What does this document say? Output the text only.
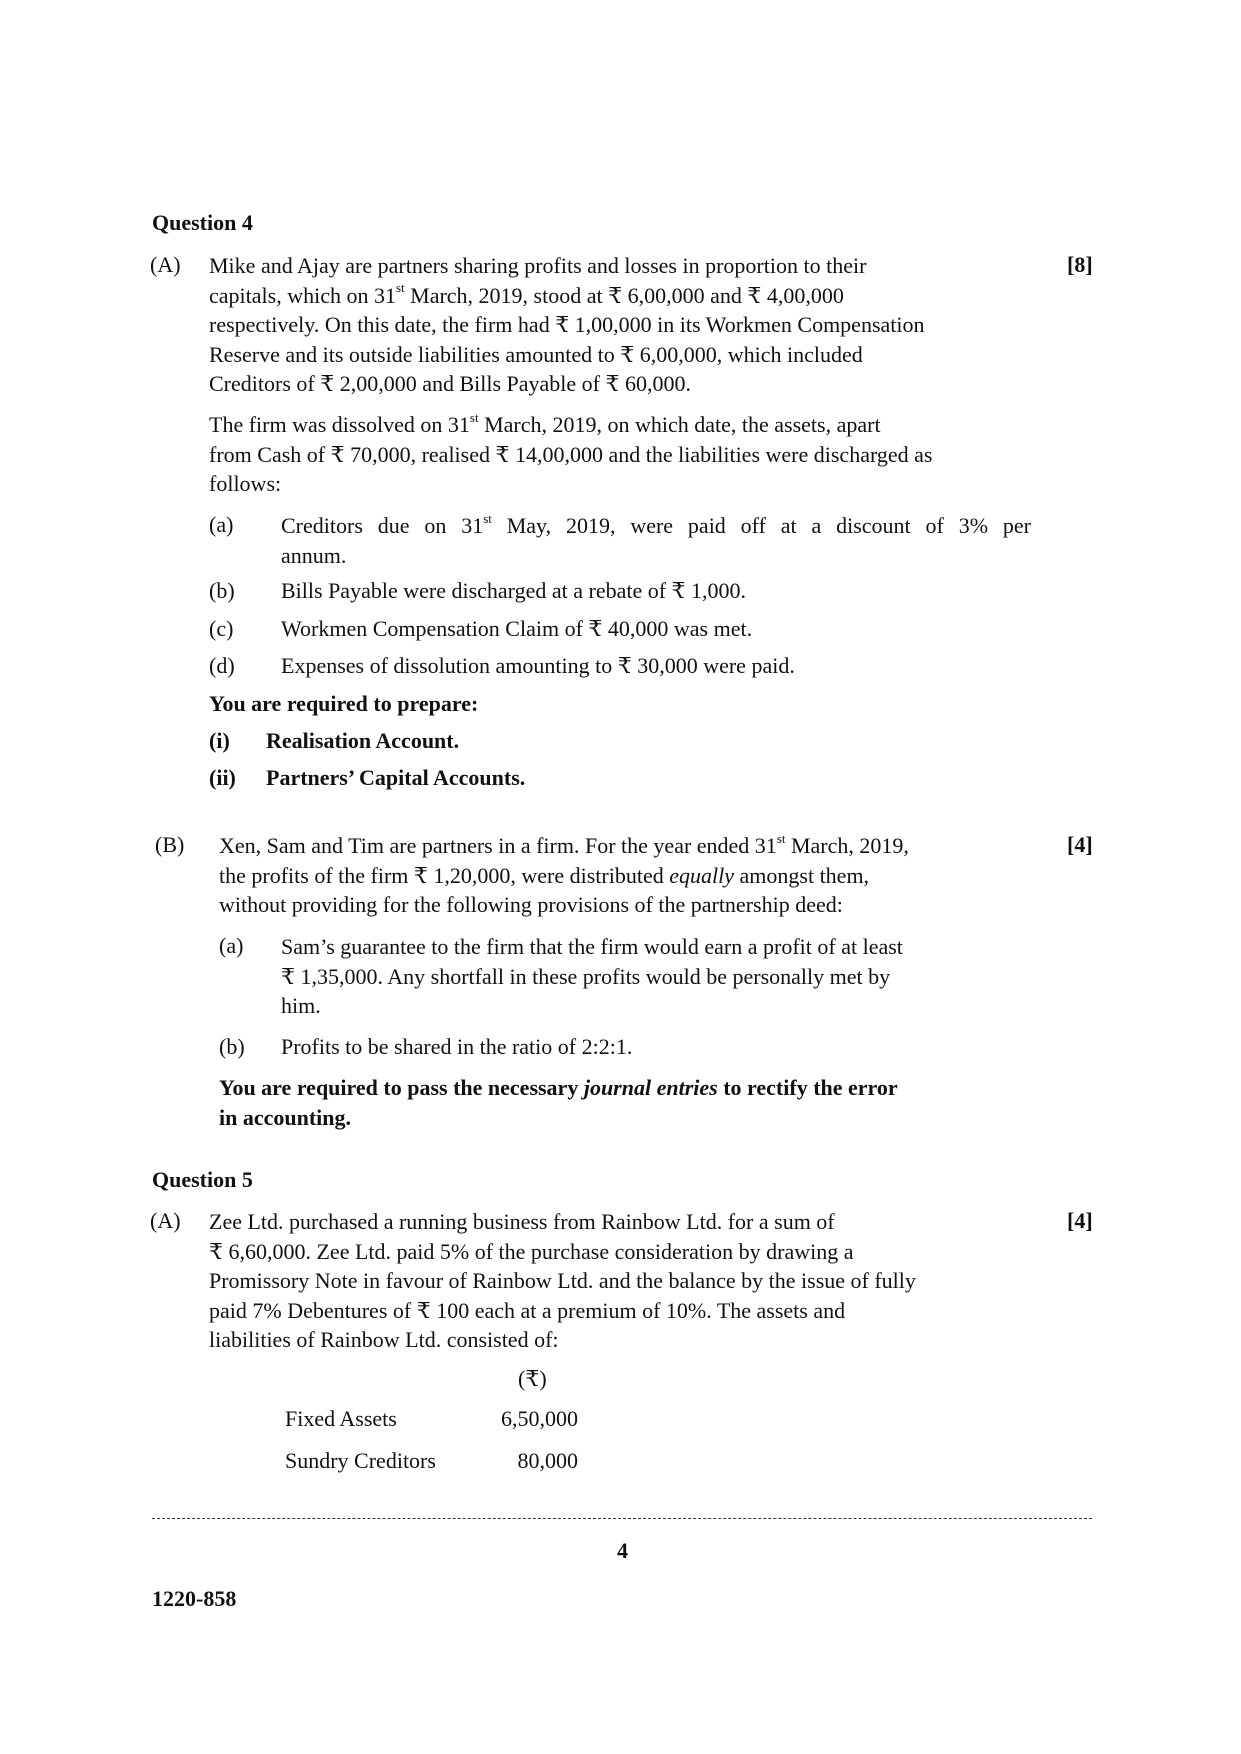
Question 4
(A)	[8]
Mike and Ajay are partners sharing profits and losses in proportion to their
capitals, which on 31st March, 2019, stood at ₹ 6,00,000 and ₹ 4,00,000
respectively. On this date, the firm had ₹ 1,00,000 in its Workmen Compensation
Reserve and its outside liabilities amounted to ₹ 6,00,000, which included
Creditors of ₹ 2,00,000 and Bills Payable of ₹ 60,000.
The firm was dissolved on 31st March, 2019, on which date, the assets, apart
from Cash of ₹ 70,000, realised ₹ 14,00,000 and the liabilities were discharged as
follows:
(a) Creditors due on 31st May, 2019, were paid off at a discount of 3% per
annum.
(b) Bills Payable were discharged at a rebate of ₹ 1,000.
(c) Workmen Compensation Claim of ₹ 40,000 was met.
(d) Expenses of dissolution amounting to ₹ 30,000 were paid.
You are required to prepare:
(i) Realisation Account.
(ii) Partners’ Capital Accounts.
(B)	[4]
Xen, Sam and Tim are partners in a firm. For the year ended 31st March, 2019,
the profits of the firm ₹ 1,20,000, were distributed equally amongst them,
without providing for the following provisions of the partnership deed:
(a) Sam’s guarantee to the firm that the firm would earn a profit of at least
₹ 1,35,000. Any shortfall in these profits would be personally met by
him.
(b) Profits to be shared in the ratio of 2:2:1.
You are required to pass the necessary journal entries to rectify the error
in accounting.
Question 5
(A)	[4]
Zee Ltd. purchased a running business from Rainbow Ltd. for a sum of
₹ 6,60,000. Zee Ltd. paid 5% of the purchase consideration by drawing a
Promissory Note in favour of Rainbow Ltd. and the balance by the issue of fully
paid 7% Debentures of ₹ 100 each at a premium of 10%. The assets and
liabilities of Rainbow Ltd. consisted of:
(₹)
Fixed Assets	6,50,000
Sundry Creditors	80,000
4
1220-858
